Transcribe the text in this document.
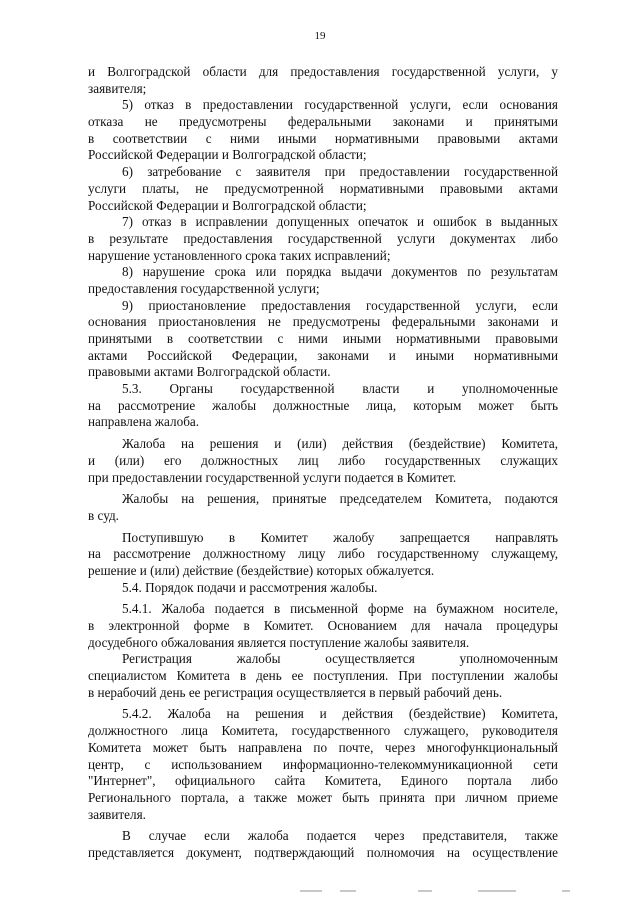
19
и Волгоградской области для предоставления государственной услуги, у
заявителя;
5) отказ в предоставлении государственной услуги, если основания
отказа не предусмотрены федеральными законами и принятыми
в соответствии с ними иными нормативными правовыми актами
Российской Федерации и Волгоградской области;
6) затребование с заявителя при предоставлении государственной
услуги платы, не предусмотренной нормативными правовыми актами
Российской Федерации и Волгоградской области;
7) отказ в исправлении допущенных опечаток и ошибок в выданных
в результате предоставления государственной услуги документах либо
нарушение установленного срока таких исправлений;
8) нарушение срока или порядка выдачи документов по результатам
предоставления государственной услуги;
9) приостановление предоставления государственной услуги, если
основания приостановления не предусмотрены федеральными законами и
принятыми в соответствии с ними иными нормативными правовыми
актами Российской Федерации, законами и иными нормативными
правовыми актами Волгоградской области.
5.3. Органы государственной власти и уполномоченные
на рассмотрение жалобы должностные лица, которым может быть
направлена жалоба.
Жалоба на решения и (или) действия (бездействие) Комитета,
и (или) его должностных лиц либо государственных служащих
при предоставлении государственной услуги подается в Комитет.
Жалобы на решения, принятые председателем Комитета, подаются
в суд.
Поступившую в Комитет жалобу запрещается направлять
на рассмотрение должностному лицу либо государственному служащему,
решение и (или) действие (бездействие) которых обжалуется.
5.4. Порядок подачи и рассмотрения жалобы.
5.4.1. Жалоба подается в письменной форме на бумажном носителе,
в электронной форме в Комитет. Основанием для начала процедуры
досудебного обжалования является поступление жалобы заявителя.
Регистрация жалобы осуществляется уполномоченным
специалистом Комитета в день ее поступления. При поступлении жалобы
в нерабочий день ее регистрация осуществляется в первый рабочий день.
5.4.2. Жалоба на решения и действия (бездействие) Комитета,
должностного лица Комитета, государственного служащего, руководителя
Комитета может быть направлена по почте, через многофункциональный
центр, с использованием информационно-телекоммуникационной сети
"Интернет", официального сайта Комитета, Единого портала либо
Регионального портала, а также может быть принята при личном приеме
заявителя.
В случае если жалоба подается через представителя, также
представляется документ, подтверждающий полномочия на осуществление
